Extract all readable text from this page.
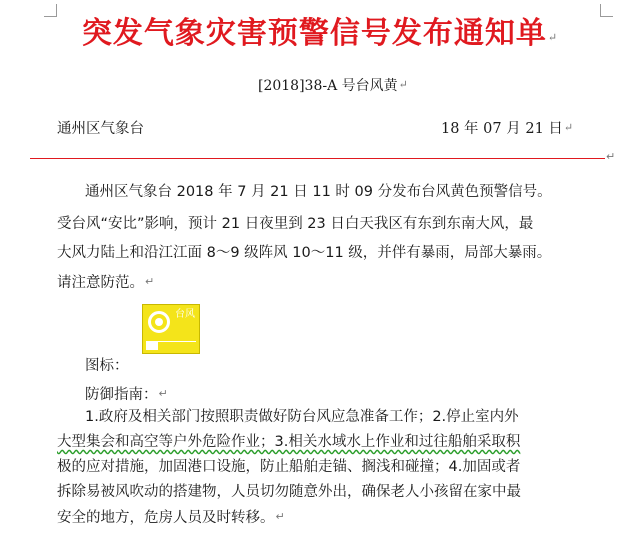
突发气象灾害预警信号发布通知单↵
[2018]38-A 号台风黄↵
通州区气象台	18 年 07 月 21 日↵
↵
通州区气象台 2018 年 7 月 21 日 11 时 09 分发布台风黄色预警信号。
受台风“安比”影响，预计 21 日夜里到 23 日白天我区有东到东南大风，最
大风力陆上和沿江江面 8～9 级阵风 10～11 级，并伴有暴雨，局部大暴雨。
请注意防范。↵
台风
图标：
防御指南：↵
1.政府及相关部门按照职责做好防台风应急准备工作；2.停止室内外
大型集会和高空等户外危险作业；3.相关水域水上作业和过往船舶采取积
极的应对措施，加固港口设施，防止船舶走锚、搁浅和碰撞；4.加固或者
拆除易被风吹动的搭建物，人员切勿随意外出，确保老人小孩留在家中最
安全的地方，危房人员及时转移。↵
